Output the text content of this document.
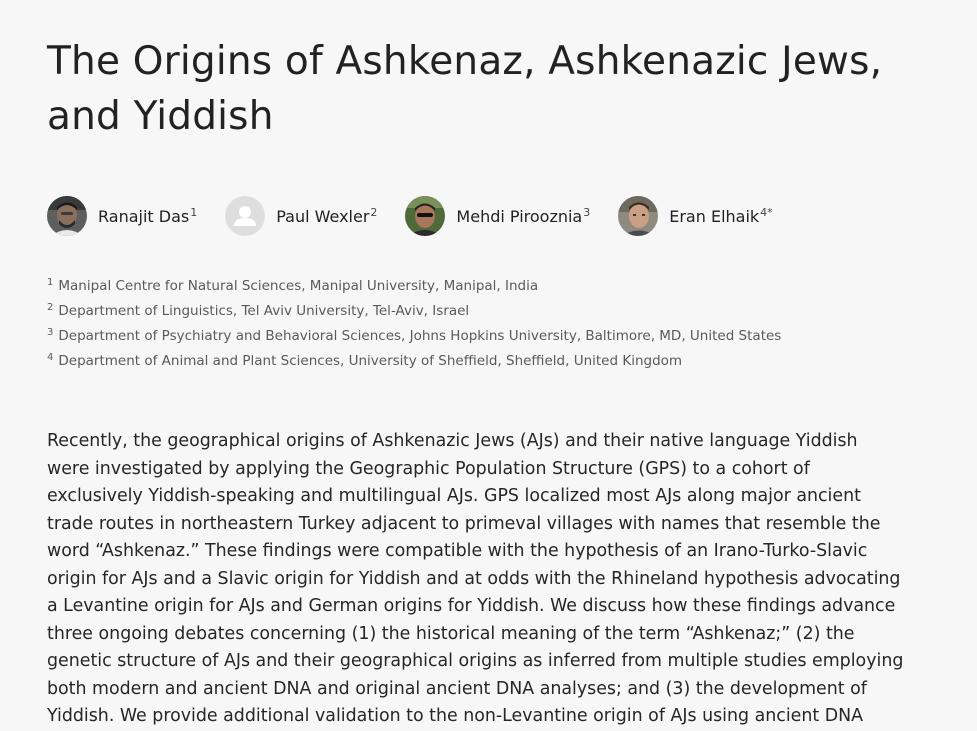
The Origins of Ashkenaz, Ashkenazic Jews, and Yiddish
Ranajit Das$^1$	Paul Wexler$^2$	Mehdi Pirooznia$^3$	Eran Elhaik$^{4*}$
$^1$ Manipal Centre for Natural Sciences, Manipal University, Manipal, India
$^2$ Department of Linguistics, Tel Aviv University, Tel-Aviv, Israel
$^3$ Department of Psychiatry and Behavioral Sciences, Johns Hopkins University, Baltimore, MD, United States
$^4$ Department of Animal and Plant Sciences, University of Sheffield, Sheffield, United Kingdom

Recently, the geographical origins of Ashkenazic Jews (AJs) and their native language Yiddish
were investigated by applying the Geographic Population Structure (GPS) to a cohort of
exclusively Yiddish-speaking and multilingual AJs. GPS localized most AJs along major ancient
trade routes in northeastern Turkey adjacent to primeval villages with names that resemble the
word “Ashkenaz.” These findings were compatible with the hypothesis of an Irano-Turko-Slavic
origin for AJs and a Slavic origin for Yiddish and at odds with the Rhineland hypothesis advocating
a Levantine origin for AJs and German origins for Yiddish. We discuss how these findings advance
three ongoing debates concerning (1) the historical meaning of the term “Ashkenaz;” (2) the
genetic structure of AJs and their geographical origins as inferred from multiple studies employing
both modern and ancient DNA and original ancient DNA analyses; and (3) the development of
Yiddish. We provide additional validation to the non-Levantine origin of AJs using ancient DNA
